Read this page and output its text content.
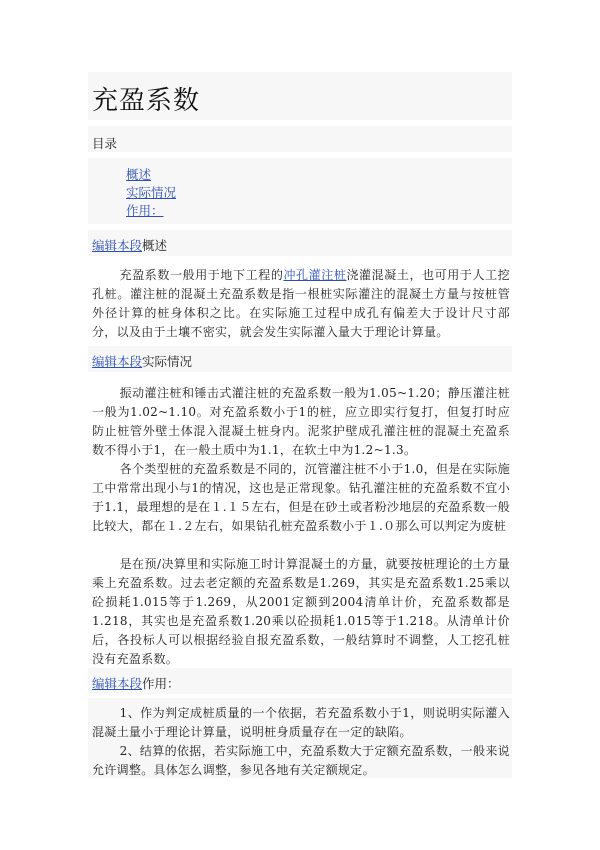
充盈系数
目录
概述
实际情况
作用：
编辑本段概述
充盈系数一般用于地下工程的冲孔灌注桩浇灌混凝土，也可用于人工挖孔桩。灌注桩的混凝土充盈系数是指一根桩实际灌注的混凝土方量与按桩管外径计算的桩身体积之比。在实际施工过程中成孔有偏差大于设计尺寸部分，以及由于土壤不密实，就会发生实际灌入量大于理论计算量。
编辑本段实际情况
振动灌注桩和锤击式灌注桩的充盈系数一般为1.05~1.20；静压灌注桩一般为1.02~1.10。对充盈系数小于1的桩，应立即实行复打，但复打时应防止桩管外壁土体混入混凝土桩身内。泥浆护壁成孔灌注桩的混凝土充盈系数不得小于1，在一般土质中为1.1，在软土中为1.2~1.3。
各个类型桩的充盈系数是不同的，沉管灌注桩不小于1.0，但是在实际施工中常常出现小与1的情况，这也是正常现象。钻孔灌注桩的充盈系数不宜小于1.1，最理想的是在１.１５左右，但是在砂土或者粉沙地层的充盈系数一般比较大，都在１.２左右，如果钻孔桩充盈系数小于１.０那么可以判定为废桩
是在预/决算里和实际施工时计算混凝土的方量，就要按桩理论的土方量乘上充盈系数。过去老定额的充盈系数是1.269，其实是充盈系数1.25乘以砼损耗1.015等于1.269，从2001定额到2004清单计价，充盈系数都是1.218，其实也是充盈系数1.20乘以砼损耗1.015等于1.218。从清单计价后，各投标人可以根据经验自报充盈系数，一般结算时不调整，人工挖孔桩没有充盈系数。
编辑本段作用：
1、作为判定成桩质量的一个依据，若充盈系数小于1，则说明实际灌入混凝土量小于理论计算量，说明桩身质量存在一定的缺陷。
2、结算的依据，若实际施工中，充盈系数大于定额充盈系数，一般来说允许调整。具体怎么调整，参见各地有关定额规定。
